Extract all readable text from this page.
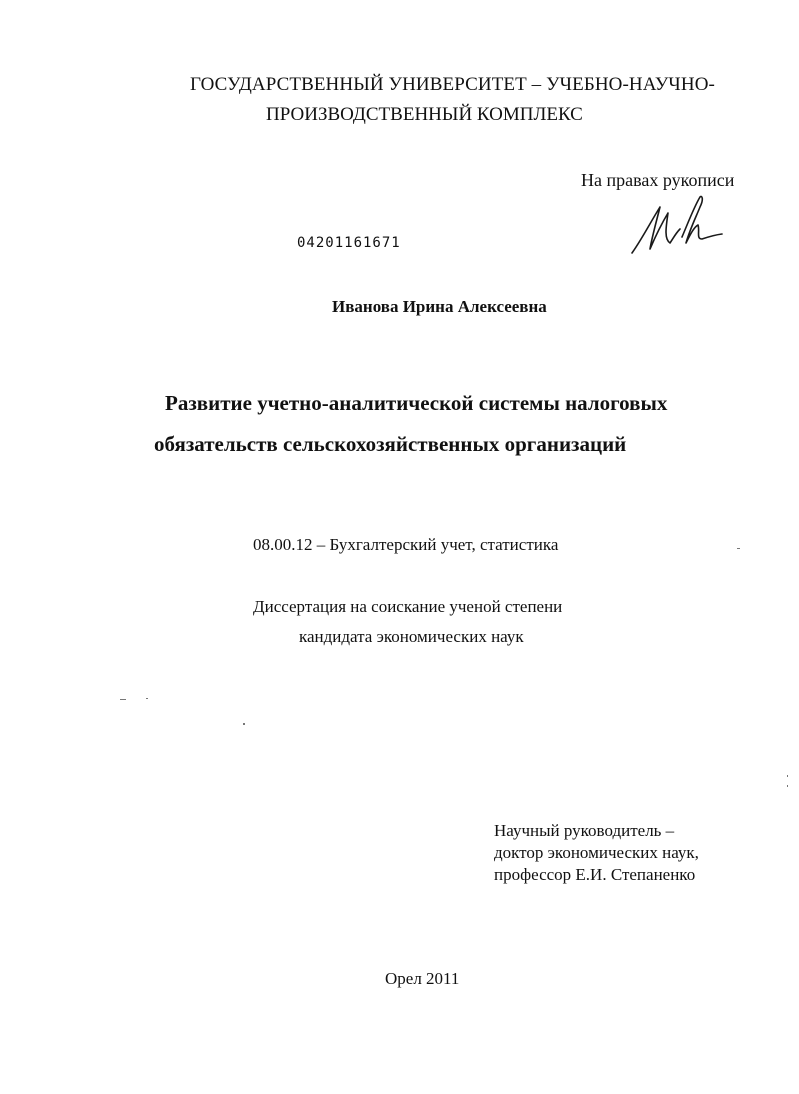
ГОСУДАРСТВЕННЫЙ УНИВЕРСИТЕТ – УЧЕБНО-НАУЧНО-
ПРОИЗВОДСТВЕННЫЙ КОМПЛЕКС
На правах рукописи
04201161671
Иванова Ирина Алексеевна
Развитие учетно-аналитической системы налоговых
обязательств сельскохозяйственных организаций
08.00.12 – Бухгалтерский учет, статистика
Диссертация на соискание ученой степени
кандидата экономических наук
Научный руководитель –
доктор экономических наук,
профессор Е.И. Степаненко
Орел 2011
